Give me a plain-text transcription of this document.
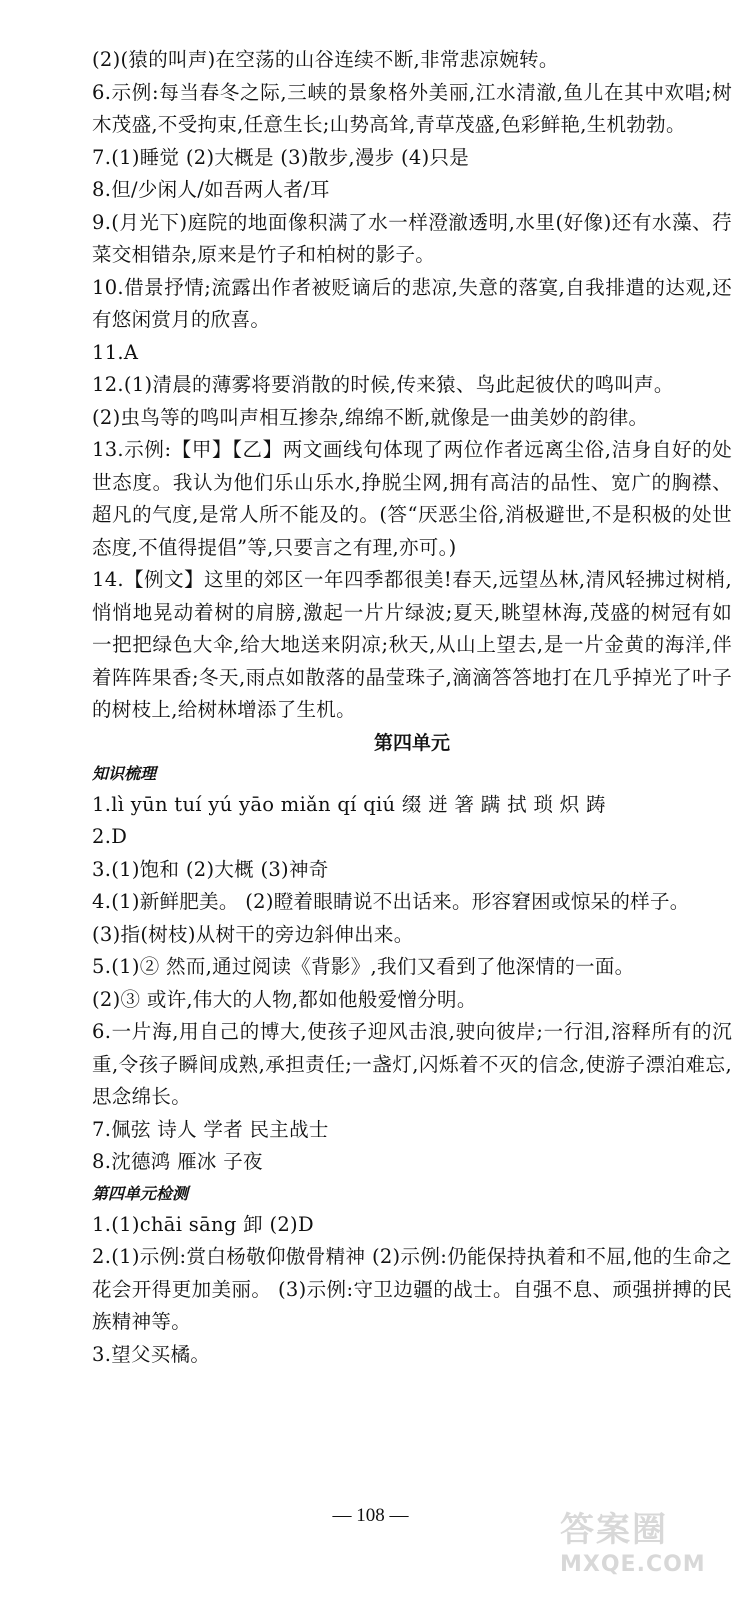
(2)(猿的叫声)在空荡的山谷连续不断,非常悲凉婉转。

6.示例:每当春冬之际,三峡的景象格外美丽,江水清澈,鱼儿在其中欢唱;树木茂盛,不受拘束,任意生长;山势高耸,青草茂盛,色彩鲜艳,生机勃勃。

7.(1)睡觉 (2)大概是 (3)散步,漫步 (4)只是

8.但/少闲人/如吾两人者/耳

9.(月光下)庭院的地面像积满了水一样澄澈透明,水里(好像)还有水藻、荇菜交相错杂,原来是竹子和柏树的影子。

10.借景抒情;流露出作者被贬谪后的悲凉,失意的落寞,自我排遣的达观,还有悠闲赏月的欣喜。

11.A

12.(1)清晨的薄雾将要消散的时候,传来猿、鸟此起彼伏的鸣叫声。

(2)虫鸟等的鸣叫声相互掺杂,绵绵不断,就像是一曲美妙的韵律。

13.示例:【甲】【乙】两文画线句体现了两位作者远离尘俗,洁身自好的处世态度。我认为他们乐山乐水,挣脱尘网,拥有高洁的品性、宽广的胸襟、超凡的气度,是常人所不能及的。(答“厌恶尘俗,消极避世,不是积极的处世态度,不值得提倡”等,只要言之有理,亦可。)

14.【例文】这里的郊区一年四季都很美!春天,远望丛林,清风轻拂过树梢,悄悄地晃动着树的肩膀,激起一片片绿波;夏天,眺望林海,茂盛的树冠有如一把把绿色大伞,给大地送来阴凉;秋天,从山上望去,是一片金黄的海洋,伴着阵阵果香;冬天,雨点如散落的晶莹珠子,滴滴答答地打在几乎掉光了叶子的树枝上,给树林增添了生机。

第四单元

知识梳理

1.lì yūn tuí yú yāo miǎn qí qiú 缀 迸 箸 蹒 拭 琐 炽 踌

2.D

3.(1)饱和 (2)大概 (3)神奇

4.(1)新鲜肥美。 (2)瞪着眼睛说不出话来。形容窘困或惊呆的样子。

(3)指(树枝)从树干的旁边斜伸出来。

5.(1)② 然而,通过阅读《背影》,我们又看到了他深情的一面。

(2)③ 或许,伟大的人物,都如他般爱憎分明。

6.一片海,用自己的博大,使孩子迎风击浪,驶向彼岸;一行泪,溶释所有的沉重,令孩子瞬间成熟,承担责任;一盏灯,闪烁着不灭的信念,使游子漂泊难忘,思念绵长。

7.佩弦 诗人 学者 民主战士

8.沈德鸿 雁冰 子夜

第四单元检测

1.(1)chāi sāng 卸 (2)D

2.(1)示例:赏白杨敬仰傲骨精神 (2)示例:仍能保持执着和不屈,他的生命之花会开得更加美丽。 (3)示例:守卫边疆的战士。自强不息、顽强拼搏的民族精神等。

3.望父买橘。

— 108 —	答案圈
MXQE.COM
